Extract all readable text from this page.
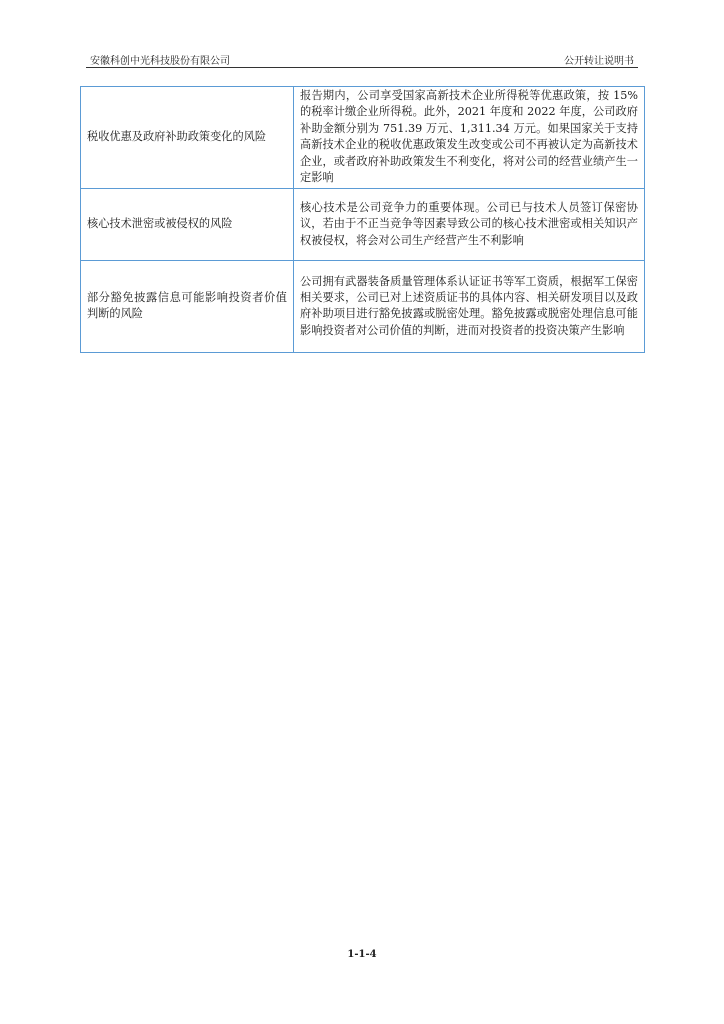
安徽科创中光科技股份有限公司	公开转让说明书
税收优惠及政府补助政策变化的风险	报告期内，公司享受国家高新技术企业所得税等优惠政策，按 15%的税率计缴企业所得税。此外，2021 年度和 2022 年度，公司政府补助金额分别为 751.39 万元、1,311.34 万元。如果国家关于支持高新技术企业的税收优惠政策发生改变或公司不再被认定为高新技术企业，或者政府补助政策发生不利变化，将对公司的经营业绩产生一定影响
核心技术泄密或被侵权的风险	核心技术是公司竞争力的重要体现。公司已与技术人员签订保密协议，若由于不正当竞争等因素导致公司的核心技术泄密或相关知识产权被侵权，将会对公司生产经营产生不利影响
部分豁免披露信息可能影响投资者价值判断的风险	公司拥有武器装备质量管理体系认证证书等军工资质，根据军工保密相关要求，公司已对上述资质证书的具体内容、相关研发项目以及政府补助项目进行豁免披露或脱密处理。豁免披露或脱密处理信息可能影响投资者对公司价值的判断，进而对投资者的投资决策产生影响
1-1-4
